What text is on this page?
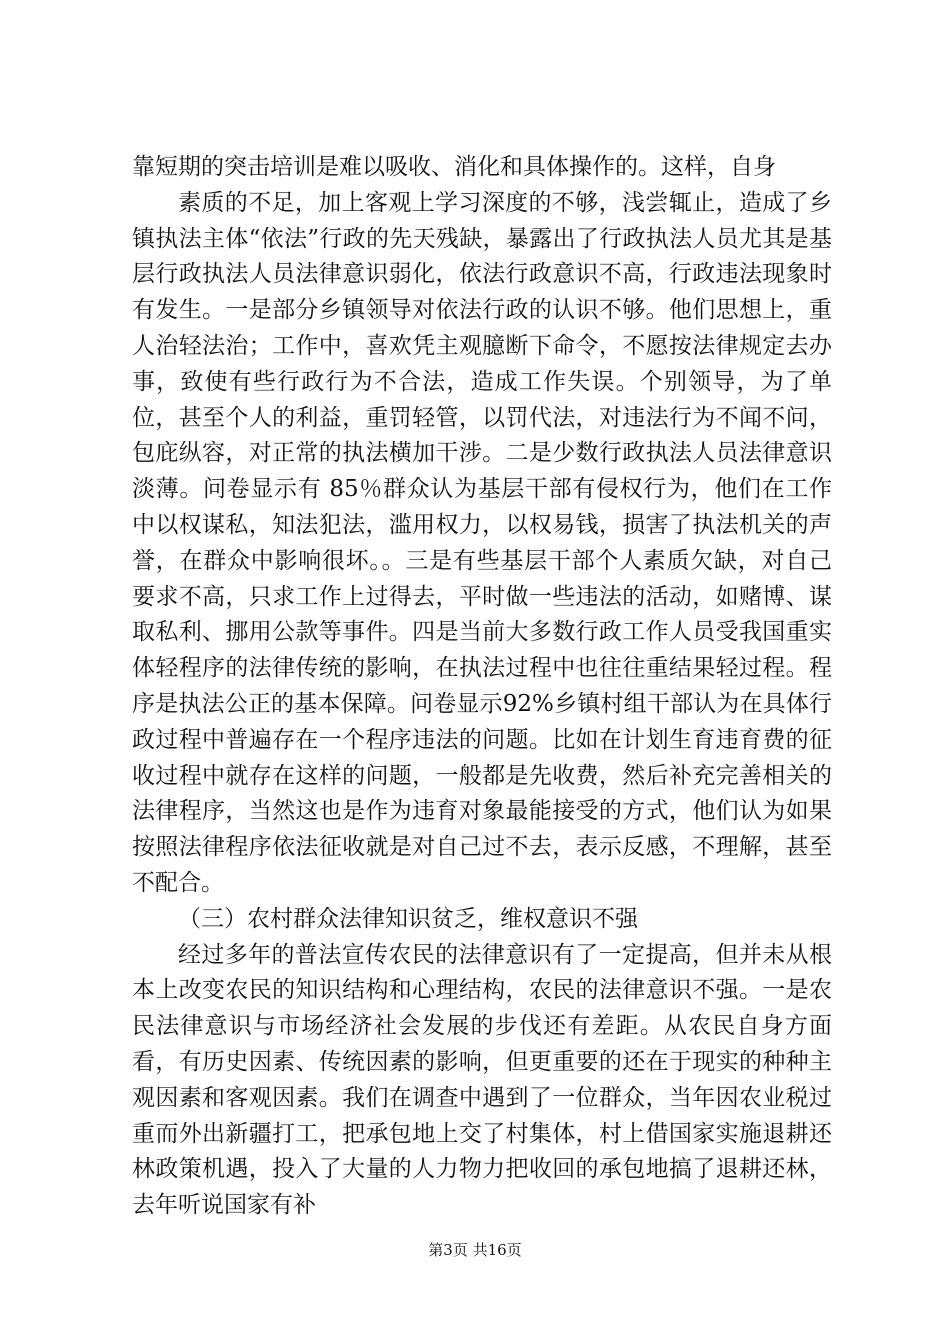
靠短期的突击培训是难以吸收、消化和具体操作的。这样，自身

素质的不足，加上客观上学习深度的不够，浅尝辄止，造成了乡镇执法主体“依法”行政的先天残缺，暴露出了行政执法人员尤其是基层行政执法人员法律意识弱化，依法行政意识不高，行政违法现象时有发生。一是部分乡镇领导对依法行政的认识不够。他们思想上，重人治轻法治；工作中，喜欢凭主观臆断下命令，不愿按法律规定去办事，致使有些行政行为不合法，造成工作失误。个别领导，为了单位，甚至个人的利益，重罚轻管，以罚代法，对违法行为不闻不问，包庇纵容，对正常的执法横加干涉。二是少数行政执法人员法律意识淡薄。问卷显示有 85％群众认为基层干部有侵权行为，他们在工作中以权谋私，知法犯法，滥用权力，以权易钱，损害了执法机关的声誉，在群众中影响很坏。。三是有些基层干部个人素质欠缺，对自己要求不高，只求工作上过得去，平时做一些违法的活动，如赌博、谋取私利、挪用公款等事件。四是当前大多数行政工作人员受我国重实体轻程序的法律传统的影响，在执法过程中也往往重结果轻过程。程序是执法公正的基本保障。问卷显示92%乡镇村组干部认为在具体行政过程中普遍存在一个程序违法的问题。比如在计划生育违育费的征收过程中就存在这样的问题，一般都是先收费，然后补充完善相关的法律程序，当然这也是作为违育对象最能接受的方式，他们认为如果按照法律程序依法征收就是对自己过不去，表示反感，不理解，甚至不配合。

（三）农村群众法律知识贫乏，维权意识不强

经过多年的普法宣传农民的法律意识有了一定提高，但并未从根本上改变农民的知识结构和心理结构，农民的法律意识不强。一是农民法律意识与市场经济社会发展的步伐还有差距。从农民自身方面看，有历史因素、传统因素的影响，但更重要的还在于现实的种种主观因素和客观因素。我们在调查中遇到了一位群众，当年因农业税过重而外出新疆打工，把承包地上交了村集体，村上借国家实施退耕还林政策机遇，投入了大量的人力物力把收回的承包地搞了退耕还林，去年听说国家有补

第3页 共16页
